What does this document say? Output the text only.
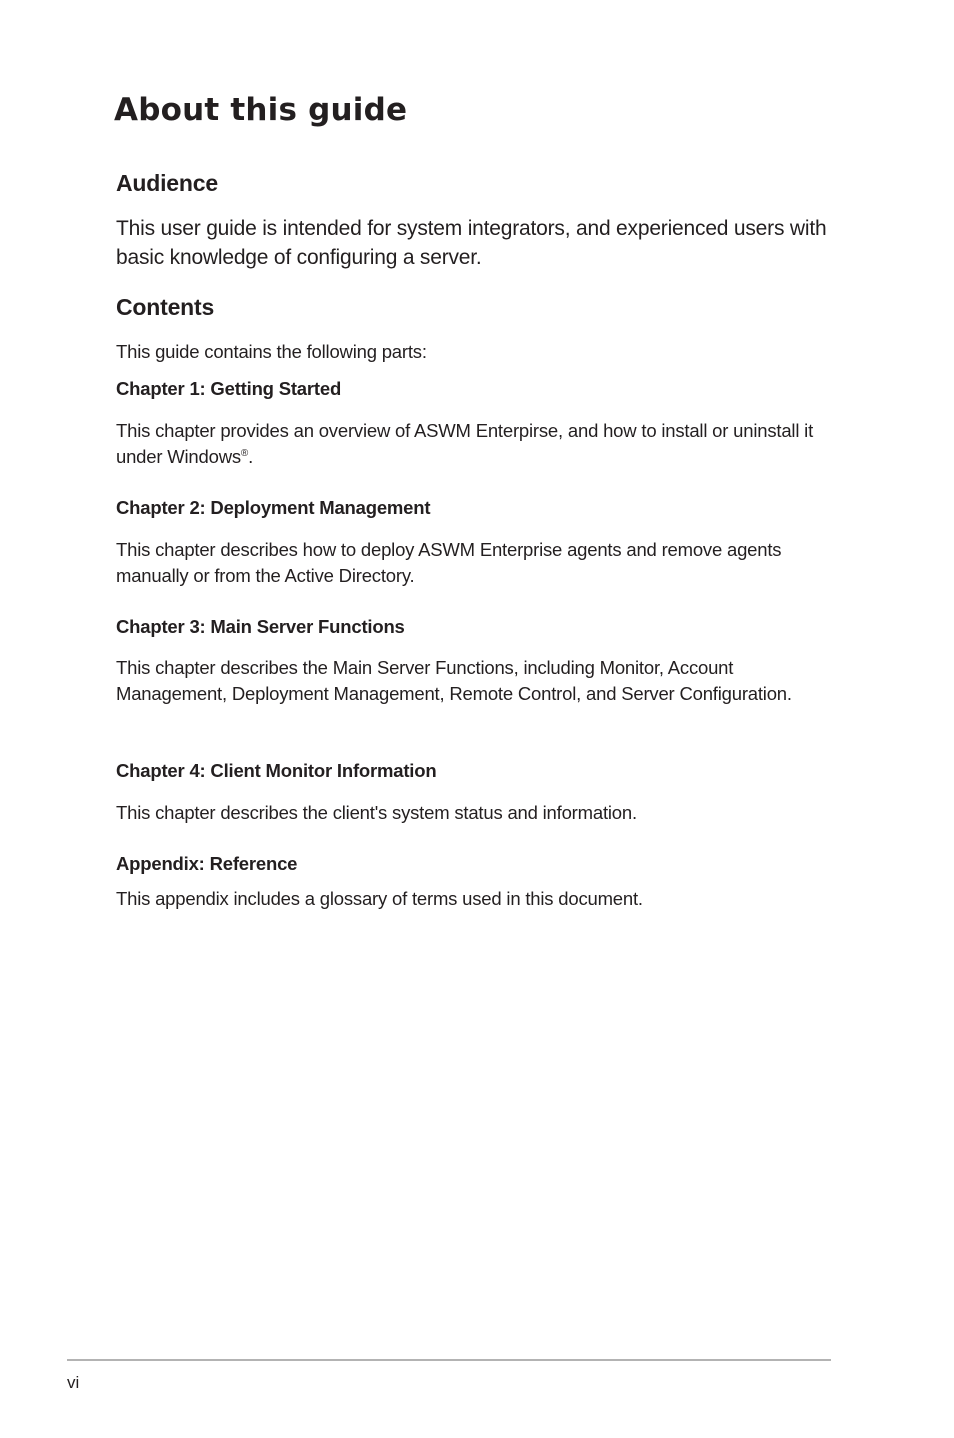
About this guide
Audience

This user guide is intended for system integrators, and experienced users with basic knowledge of configuring a server.

Contents

This guide contains the following parts:

Chapter 1: Getting Started

This chapter provides an overview of ASWM Enterpirse, and how to install or uninstall it under Windows®.

Chapter 2: Deployment Management

This chapter describes how to deploy ASWM Enterprise agents and remove agents manually or from the Active Directory.

Chapter 3: Main Server Functions

This chapter describes the Main Server Functions, including Monitor, Account Management, Deployment Management, Remote Control, and Server Configuration.

Chapter 4: Client Monitor Information

This chapter describes the client's system status and information.

Appendix: Reference

This appendix includes a glossary of terms used in this document.

vi
